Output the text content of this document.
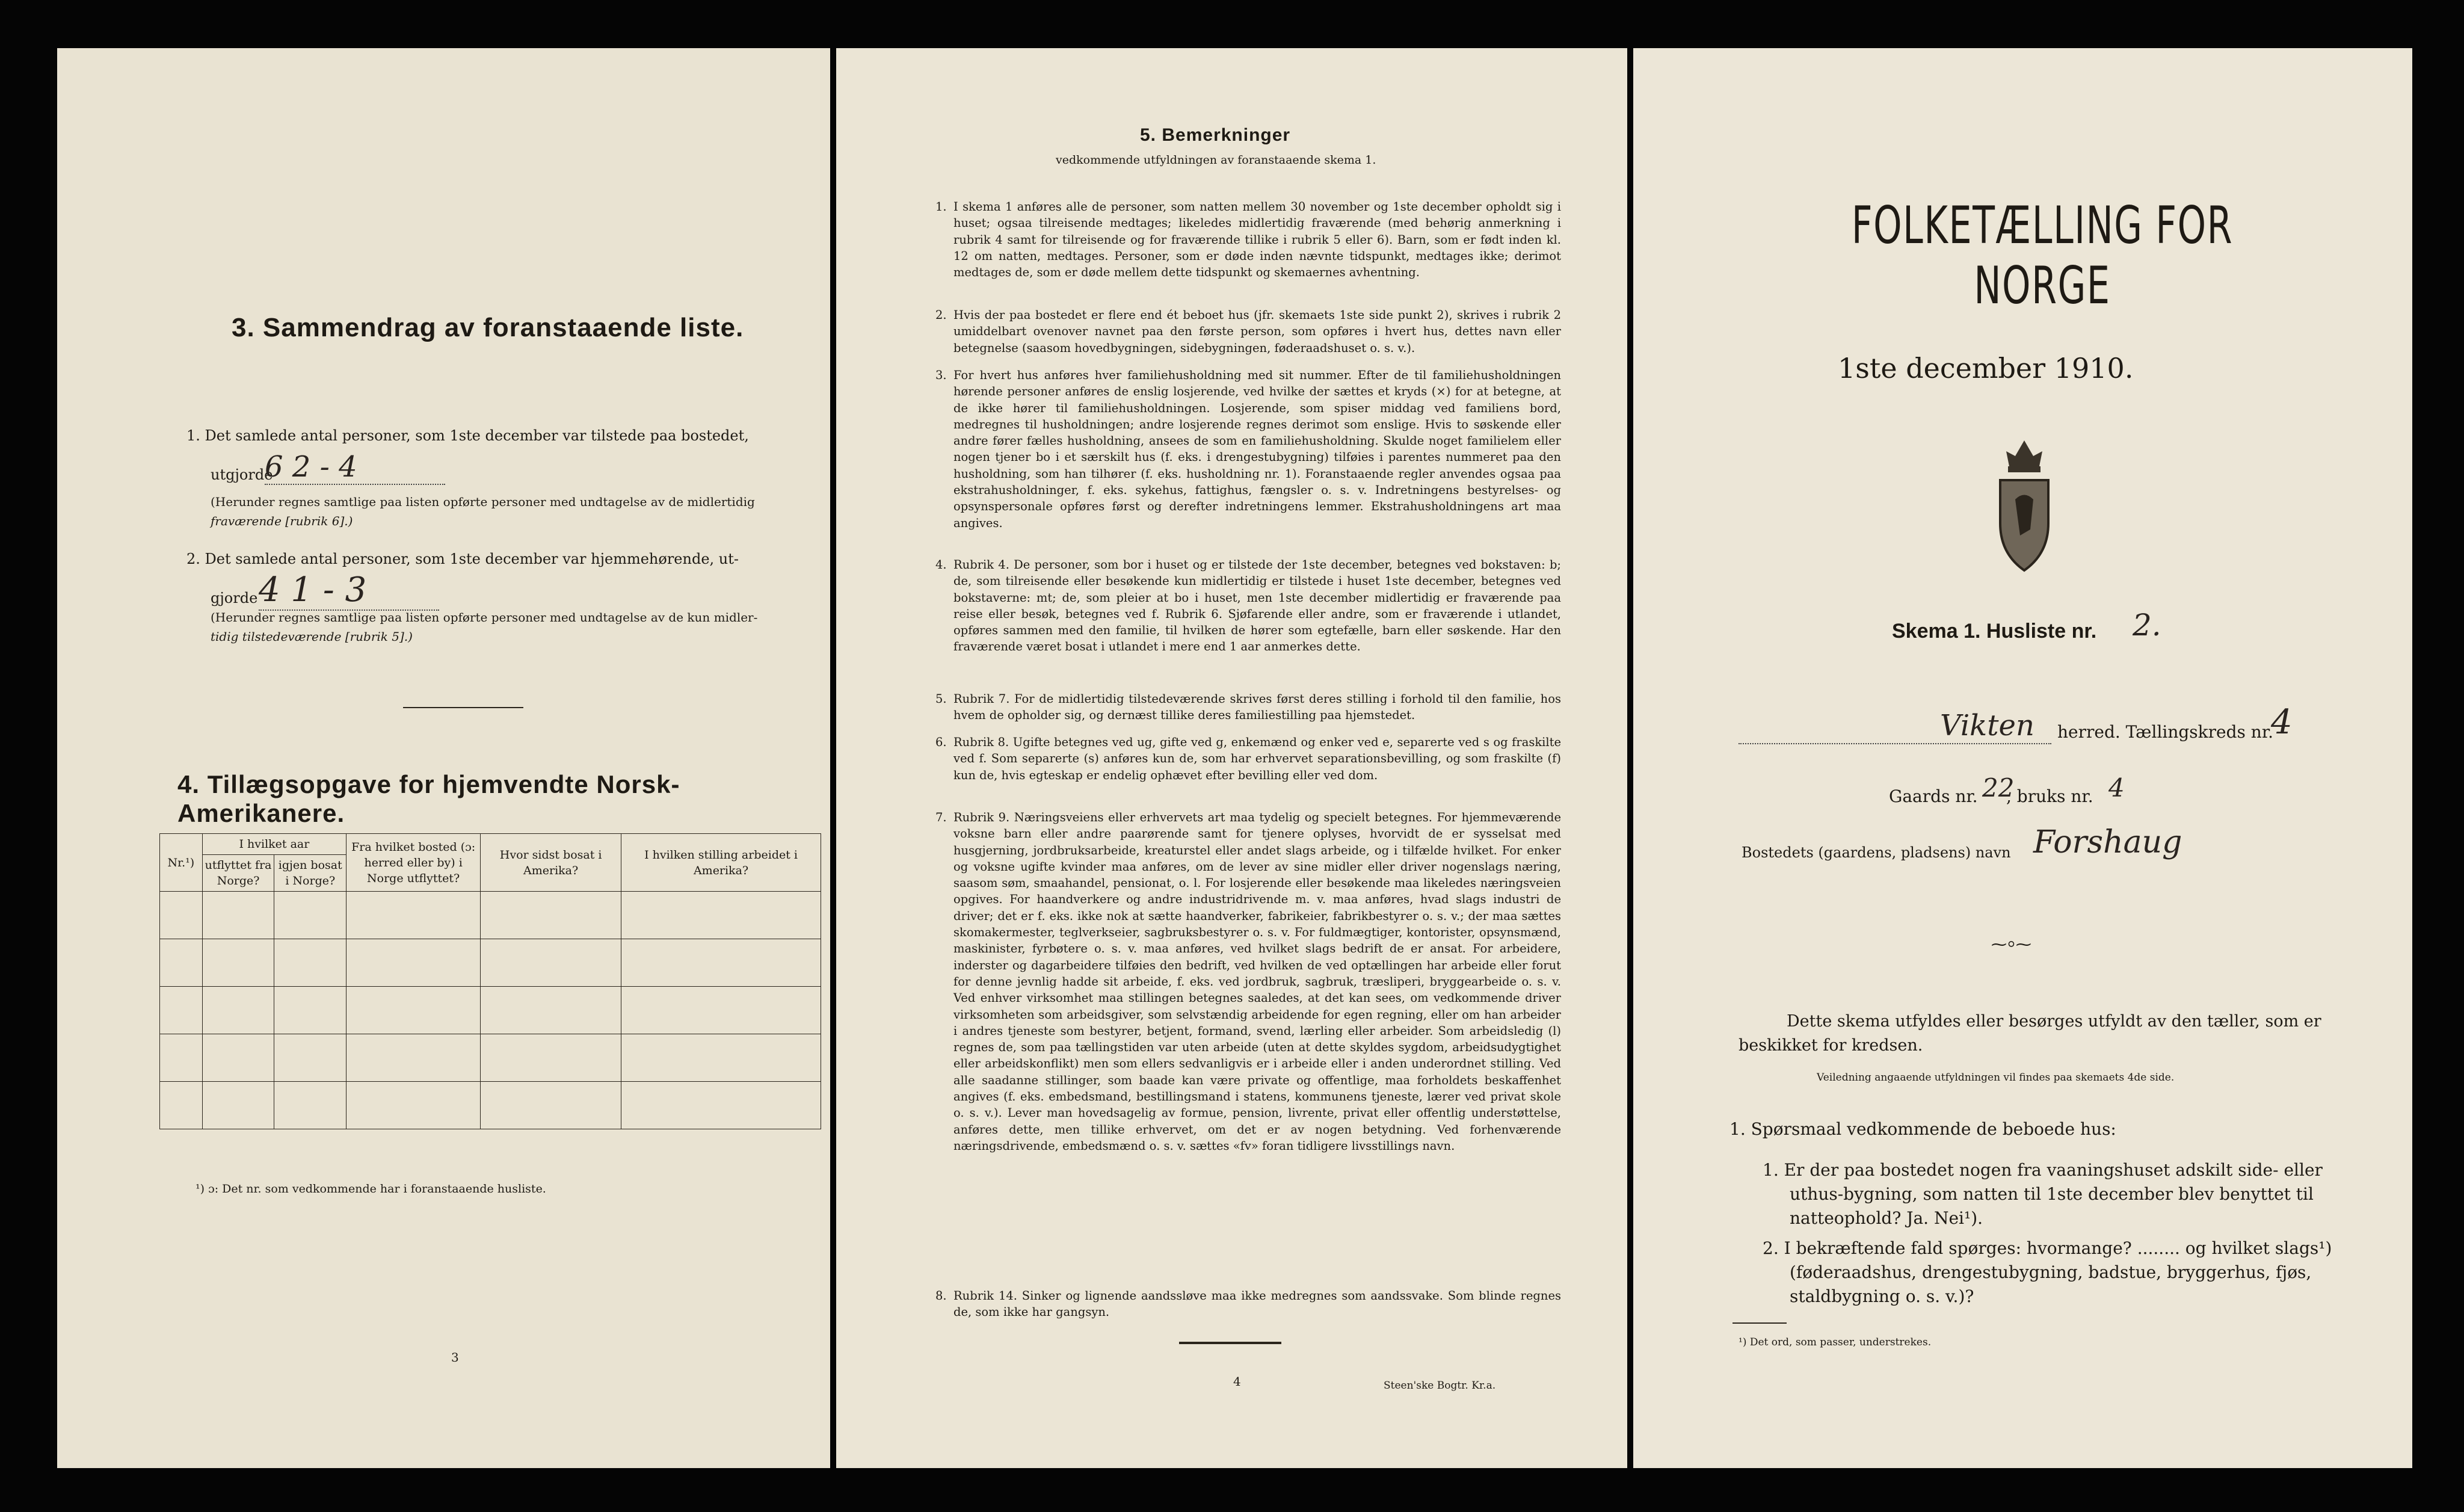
3. Sammendrag av foranstaaende liste.
1. Det samlede antal personer, som 1ste december var tilstede paa bostedet,
utgjorde
6 2 - 4
(Herunder regnes samtlige paa listen opførte personer med undtagelse av de midlertidig
fraværende [rubrik 6].)
2. Det samlede antal personer, som 1ste december var hjemmehørende, ut-
gjorde 4 1 - 3
(Herunder regnes samtlige paa listen opførte personer med undtagelse av de kun midler-
tidig tilstedeværende [rubrik 5].)
4. Tillægsopgave for hjemvendte Norsk-Amerikanere.
Nr.¹)	I hvilket aar		Fra hvilket bosted (ɔ: herred eller by) i Norge utflyttet?	Hvor sidst bosat i Amerika?	I hvilken stilling arbeidet i Amerika?
	utflyttet fra Norge?	igjen bosat i Norge?			

¹) ɔ: Det nr. som vedkommende har i foranstaaende husliste.
3
5. Bemerkninger
vedkommende utfyldningen av foranstaaende skema 1.
1. I skema 1 anføres alle de personer, som natten mellem 30 november og 1ste december opholdt sig i huset; ogsaa tilreisende medtages; likeledes midlertidig fraværende (med behørig anmerkning i rubrik 4 samt for tilreisende og for fraværende tillike i rubrik 5 eller 6). Barn, som er født inden kl. 12 om natten, medtages. Personer, som er døde inden nævnte tidspunkt, medtages ikke; derimot medtages de, som er døde mellem dette tidspunkt og skemaernes avhentning.
2. Hvis der paa bostedet er flere end ét beboet hus (jfr. skemaets 1ste side punkt 2), skrives i rubrik 2 umiddelbart ovenover navnet paa den første person, som opføres i hvert hus, dettes navn eller betegnelse (saasom hovedbygningen, sidebygningen, føderaadshuset o. s. v.).
3. For hvert hus anføres hver familiehusholdning med sit nummer. Efter de til familiehusholdningen hørende personer anføres de enslig losjerende, ved hvilke der sættes et kryds (×) for at betegne, at de ikke hører til familiehusholdningen. Losjerende, som spiser middag ved familiens bord, medregnes til husholdningen; andre losjerende regnes derimot som enslige. Hvis to søskende eller andre fører fælles husholdning, ansees de som en familiehusholdning. Skulde noget familielem eller nogen tjener bo i et særskilt hus (f. eks. i drengestubygning) tilføies i parentes nummeret paa den husholdning, som han tilhører (f. eks. husholdning nr. 1). Foranstaaende regler anvendes ogsaa paa ekstrahusholdninger, f. eks. sykehus, fattighus, fængsler o. s. v. Indretningens bestyrelses- og opsynspersonale opføres først og derefter indretningens lemmer. Ekstrahusholdningens art maa angives.
4. Rubrik 4. De personer, som bor i huset og er tilstede der 1ste december, betegnes ved bokstaven: b; de, som tilreisende eller besøkende kun midlertidig er tilstede i huset 1ste december, betegnes ved bokstaverne: mt; de, som pleier at bo i huset, men 1ste december midlertidig er fraværende paa reise eller besøk, betegnes ved f. Rubrik 6. Sjøfarende eller andre, som er fraværende i utlandet, opføres sammen med den familie, til hvilken de hører som egtefælle, barn eller søskende. Har den fraværende været bosat i utlandet i mere end 1 aar anmerkes dette.
5. Rubrik 7. For de midlertidig tilstedeværende skrives først deres stilling i forhold til den familie, hos hvem de opholder sig, og dernæst tillike deres familiestilling paa hjemstedet.
6. Rubrik 8. Ugifte betegnes ved ug, gifte ved g, enkemænd og enker ved e, separerte ved s og fraskilte ved f. Som separerte (s) anføres kun de, som har erhvervet separationsbevilling, og som fraskilte (f) kun de, hvis egteskap er endelig ophævet efter bevilling eller ved dom.
7. Rubrik 9. Næringsveiens eller erhvervets art maa tydelig og specielt betegnes. For hjemmeværende voksne barn eller andre paarørende samt for tjenere oplyses, hvorvidt de er sysselsat med husgjerning, jordbruksarbeide, kreaturstel eller andet slags arbeide, og i tilfælde hvilket. For enker og voksne ugifte kvinder maa anføres, om de lever av sine midler eller driver nogenslags næring, saasom søm, smaahandel, pensionat, o. l. For losjerende eller besøkende maa likeledes næringsveien opgives. For haandverkere og andre industridrivende m. v. maa anføres, hvad slags industri de driver; det er f. eks. ikke nok at sætte haandverker, fabrikeier, fabrikbestyrer o. s. v.; der maa sættes skomakermester, teglverkseier, sagbruksbestyrer o. s. v. For fuldmægtiger, kontorister, opsynsmænd, maskinister, fyrbøtere o. s. v. maa anføres, ved hvilket slags bedrift de er ansat. For arbeidere, inderster og dagarbeidere tilføies den bedrift, ved hvilken de ved optællingen har arbeide eller forut for denne jevnlig hadde sit arbeide, f. eks. ved jordbruk, sagbruk, træsliperi, bryggearbeide o. s. v. Ved enhver virksomhet maa stillingen betegnes saaledes, at det kan sees, om vedkommende driver virksomheten som arbeidsgiver, som selvstændig arbeidende for egen regning, eller om han arbeider i andres tjeneste som bestyrer, betjent, formand, svend, lærling eller arbeider. Som arbeidsledig (l) regnes de, som paa tællingstiden var uten arbeide (uten at dette skyldes sygdom, arbeidsudygtighet eller arbeidskonflikt) men som ellers sedvanligvis er i arbeide eller i anden underordnet stilling. Ved alle saadanne stillinger, som baade kan være private og offentlige, maa forholdets beskaffenhet angives (f. eks. embedsmand, bestillingsmand i statens, kommunens tjeneste, lærer ved privat skole o. s. v.). Lever man hovedsagelig av formue, pension, livrente, privat eller offentlig understøttelse, anføres dette, men tillike erhvervet, om det er av nogen betydning. Ved forhenværende næringsdrivende, embedsmænd o. s. v. sættes «fv» foran tidligere livsstillings navn.
8. Rubrik 14. Sinker og lignende aandssløve maa ikke medregnes som aandssvake. Som blinde regnes de, som ikke har gangsyn.
4	Steen'ske Bogtr. Kr.a.
FOLKETÆLLING FOR NORGE
1ste december 1910.
Skema 1. Husliste nr. 2.
Vikten herred. Tællingskreds nr.
4
Gaards nr. 22
, bruks nr. 4
Bostedets (gaardens, pladsens) navn Forshaug
⁓⸰⁓
Dette skema utfyldes eller besørges utfyldt av den tæller, som er beskikket for kredsen.
Veiledning angaaende utfyldningen vil findes paa skemaets 4de side.
1. Spørsmaal vedkommende de beboede hus:
1. Er der paa bostedet nogen fra vaaningshuset adskilt side- eller uthus-bygning, som natten til 1ste december blev benyttet til natteophold? Ja. Nei¹).
2. I bekræftende fald spørges: hvormange? ........ og hvilket slags¹) (føderaadshus, drengestubygning, badstue, bryggerhus, fjøs, staldbygning o. s. v.)?
¹) Det ord, som passer, understrekes.
